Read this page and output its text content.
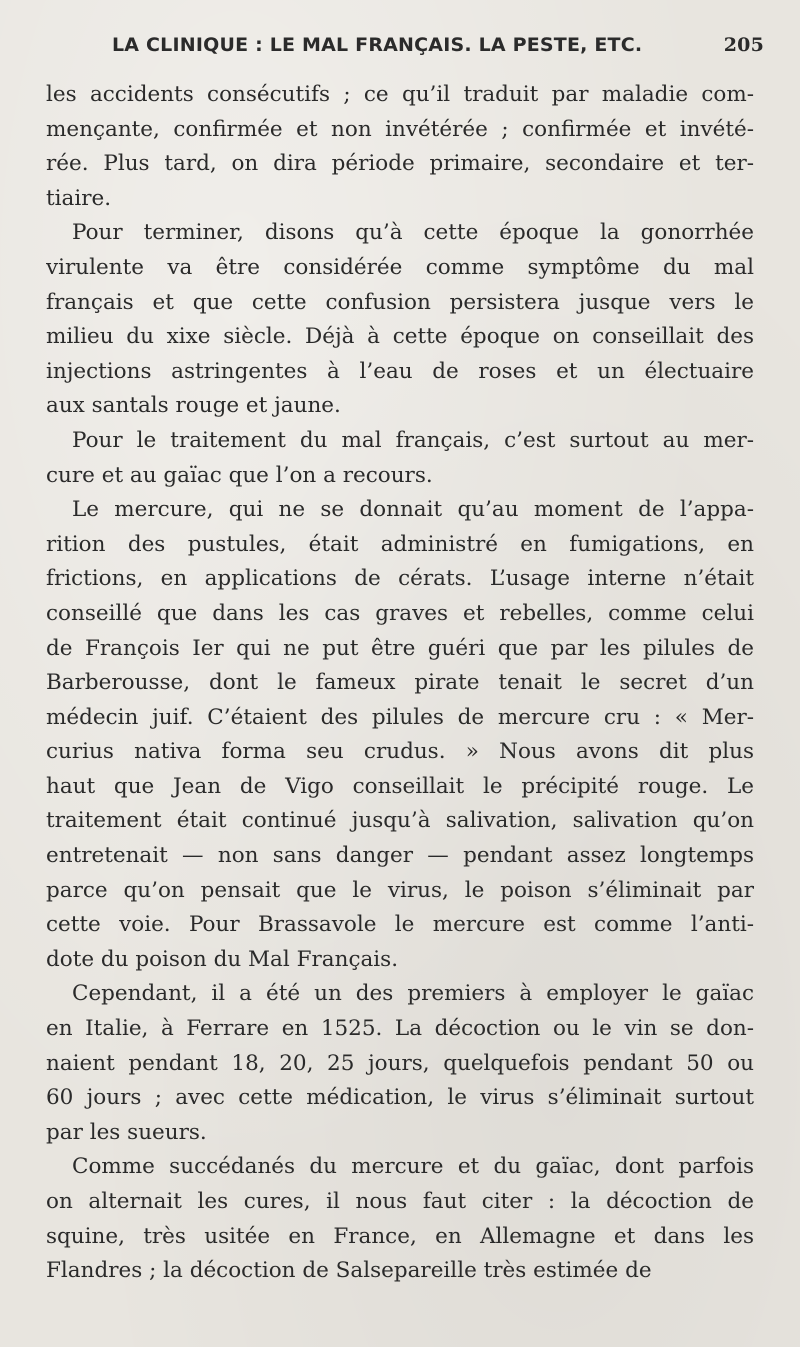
LA CLINIQUE : LE MAL FRANÇAIS. LA PESTE, ETC.	205
les accidents consécutifs ; ce qu’il traduit par maladie com-
mençante, confirmée et non invétérée ; confirmée et invété-
rée. Plus tard, on dira période primaire, secondaire et ter-
tiaire.
Pour terminer, disons qu’à cette époque la gonorrhée
virulente va être considérée comme symptôme du mal
français et que cette confusion persistera jusque vers le
milieu du xixe siècle. Déjà à cette époque on conseillait des
injections astringentes à l’eau de roses et un électuaire
aux santals rouge et jaune.
Pour le traitement du mal français, c’est surtout au mer-
cure et au gaïac que l’on a recours.
Le mercure, qui ne se donnait qu’au moment de l’appa-
rition des pustules, était administré en fumigations, en
frictions, en applications de cérats. L’usage interne n’était
conseillé que dans les cas graves et rebelles, comme celui
de François Ier qui ne put être guéri que par les pilules de
Barberousse, dont le fameux pirate tenait le secret d’un
médecin juif. C’étaient des pilules de mercure cru : « Mer-
curius nativa forma seu crudus. » Nous avons dit plus
haut que Jean de Vigo conseillait le précipité rouge. Le
traitement était continué jusqu’à salivation, salivation qu’on
entretenait — non sans danger — pendant assez longtemps
parce qu’on pensait que le virus, le poison s’éliminait par
cette voie. Pour Brassavole le mercure est comme l’anti-
dote du poison du Mal Français.
Cependant, il a été un des premiers à employer le gaïac
en Italie, à Ferrare en 1525. La décoction ou le vin se don-
naient pendant 18, 20, 25 jours, quelquefois pendant 50 ou
60 jours ; avec cette médication, le virus s’éliminait surtout
par les sueurs.
Comme succédanés du mercure et du gaïac, dont parfois
on alternait les cures, il nous faut citer : la décoction de
squine, très usitée en France, en Allemagne et dans les
Flandres ; la décoction de Salsepareille très estimée de
